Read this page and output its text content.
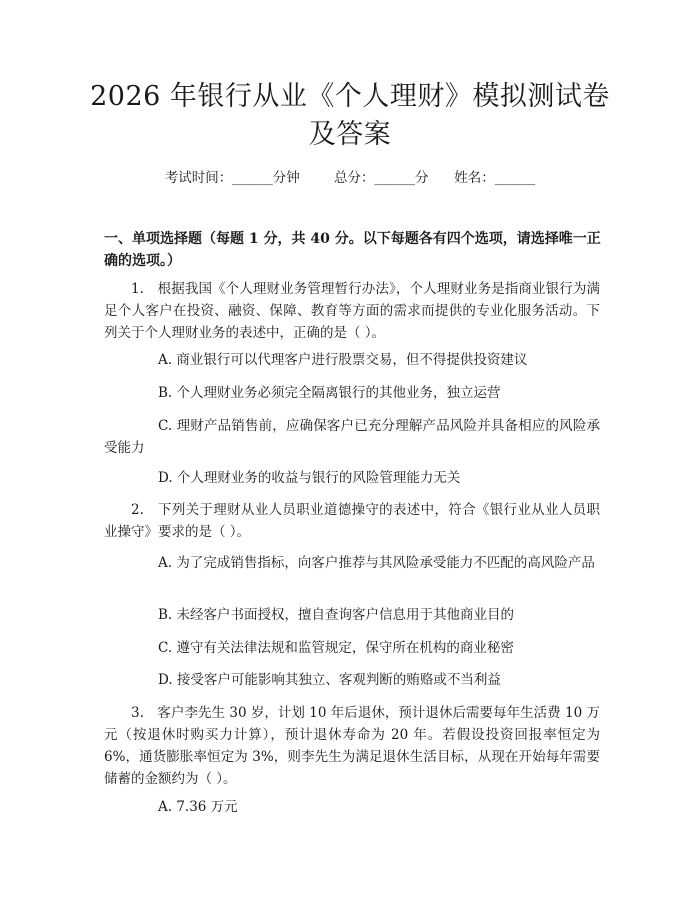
2026 年银行从业《个人理财》模拟测试卷及答案
考试时间：______分钟	总分：______分 姓名：______
一、单项选择题（每题 1 分，共 40 分。以下每题各有四个选项，请选择唯一正确的选项。）
1.　根据我国《个人理财业务管理暂行办法》，个人理财业务是指商业银行为满足个人客户在投资、融资、保障、教育等方面的需求而提供的专业化服务活动。下列关于个人理财业务的表述中，正确的是（ ）。
A. 商业银行可以代理客户进行股票交易，但不得提供投资建议
B. 个人理财业务必须完全隔离银行的其他业务，独立运营
C. 理财产品销售前，应确保客户已充分理解产品风险并具备相应的风险承受能力
D. 个人理财业务的收益与银行的风险管理能力无关
2.　下列关于理财从业人员职业道德操守的表述中，符合《银行业从业人员职业操守》要求的是（ ）。
A. 为了完成销售指标，向客户推荐与其风险承受能力不匹配的高风险产品
B. 未经客户书面授权，擅自查询客户信息用于其他商业目的
C. 遵守有关法律法规和监管规定，保守所在机构的商业秘密
D. 接受客户可能影响其独立、客观判断的贿赂或不当利益
3.　客户李先生 30 岁，计划 10 年后退休，预计退休后需要每年生活费 10 万元（按退休时购买力计算），预计退休寿命为 20 年。若假设投资回报率恒定为 6%，通货膨胀率恒定为 3%，则李先生为满足退休生活目标，从现在开始每年需要储蓄的金额约为（ ）。
A. 7.36 万元
